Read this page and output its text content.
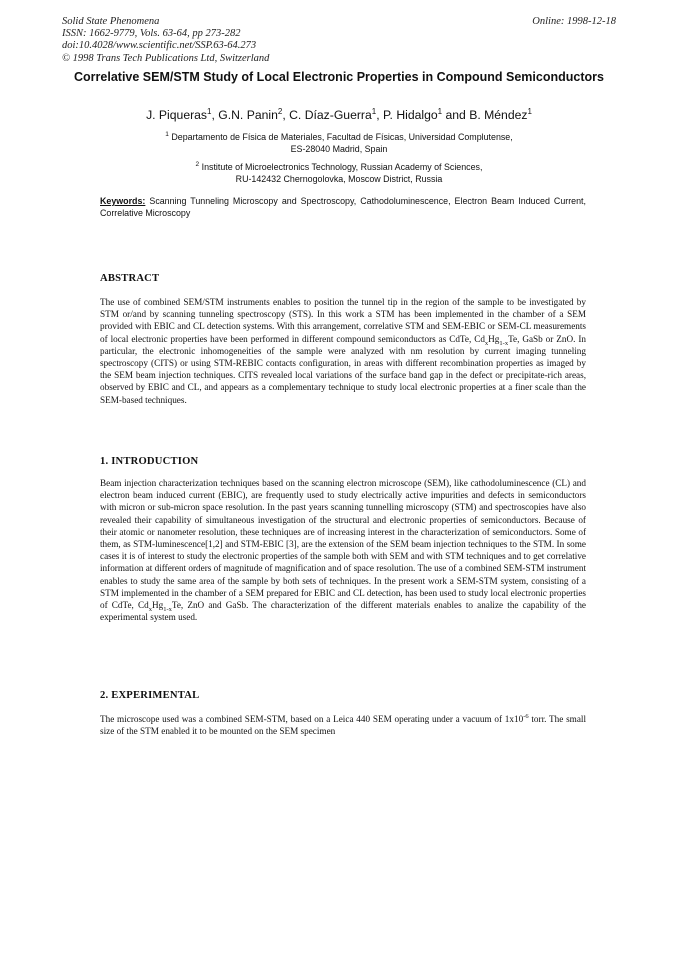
Solid State Phenomena
ISSN: 1662-9779, Vols. 63-64, pp 273-282
doi:10.4028/www.scientific.net/SSP.63-64.273
© 1998 Trans Tech Publications Ltd, Switzerland
Online: 1998-12-18
Correlative SEM/STM Study of Local Electronic Properties in Compound Semiconductors
J. Piqueras$^1$, G.N. Panin$^2$, C. Díaz-Guerra$^1$, P. Hidalgo$^1$ and B. Méndez$^1$
$^1$ Departamento de Física de Materiales, Facultad de Físicas, Universidad Complutense,
ES-28040 Madrid, Spain
$^2$ Institute of Microelectronics Technology, Russian Academy of Sciences,
RU-142432 Chernogolovka, Moscow District, Russia
Keywords: Scanning Tunneling Microscopy and Spectroscopy, Cathodoluminescence, Electron Beam Induced Current, Correlative Microscopy
ABSTRACT
The use of combined SEM/STM instruments enables to position the tunnel tip in the region of the sample to be investigated by STM or/and by scanning tunneling spectroscopy (STS). In this work a STM has been implemented in the chamber of a SEM provided with EBIC and CL detection systems. With this arrangement, correlative STM and SEM-EBIC or SEM-CL measurements of local electronic properties have been performed in different compound semiconductors as CdTe, $Cd_xHg_{1-x}Te$, GaSb or ZnO. In particular, the electronic inhomogeneities of the sample were analyzed with nm resolution by current imaging tunneling spectroscopy (CITS) or using STM-REBIC contacts configuration, in areas with different recombination properties as imaged by the SEM beam injection techniques. CITS revealed local variations of the surface band gap in the defect or precipitate-rich areas, observed by EBIC and CL, and appears as a complementary technique to study local electronic properties at a finer scale than the SEM-based techniques.
1. INTRODUCTION
Beam injection characterization techniques based on the scanning electron microscope (SEM), like cathodoluminescence (CL) and electron beam induced current (EBIC), are frequently used to study electrically active impurities and defects in semiconductors with micron or sub-micron space resolution. In the past years scanning tunnelling microscopy (STM) and spectroscopies have also revealed their capability of simultaneous investigation of the structural and electronic properties of semiconductors. Because of their atomic or nanometer resolution, these techniques are of increasing interest in the characterization of semiconductors. Some of them, as STM-luminescence[1,2] and STM-EBIC [3], are the extension of the SEM beam injection techniques to the STM. In some cases it is of interest to study the electronic properties of the sample both with SEM and with STM techniques and to get correlative information at different orders of magnitude of magnification and of space resolution. The use of a combined SEM-STM instrument enables to study the same area of the sample by both sets of techniques. In the present work a SEM-STM system, consisting of a STM implemented in the chamber of a SEM prepared for EBIC and CL detection, has been used to study local electronic properties of CdTe, $Cd_xHg_{1-x}Te$, ZnO and GaSb. The characterization of the different materials enables to analize the capability of the experimental system used.
2. EXPERIMENTAL
The microscope used was a combined SEM-STM, based on a Leica 440 SEM operating under a vacuum of $1x10^{-6}$ torr. The small size of the STM enabled it to be mounted on the SEM specimen
